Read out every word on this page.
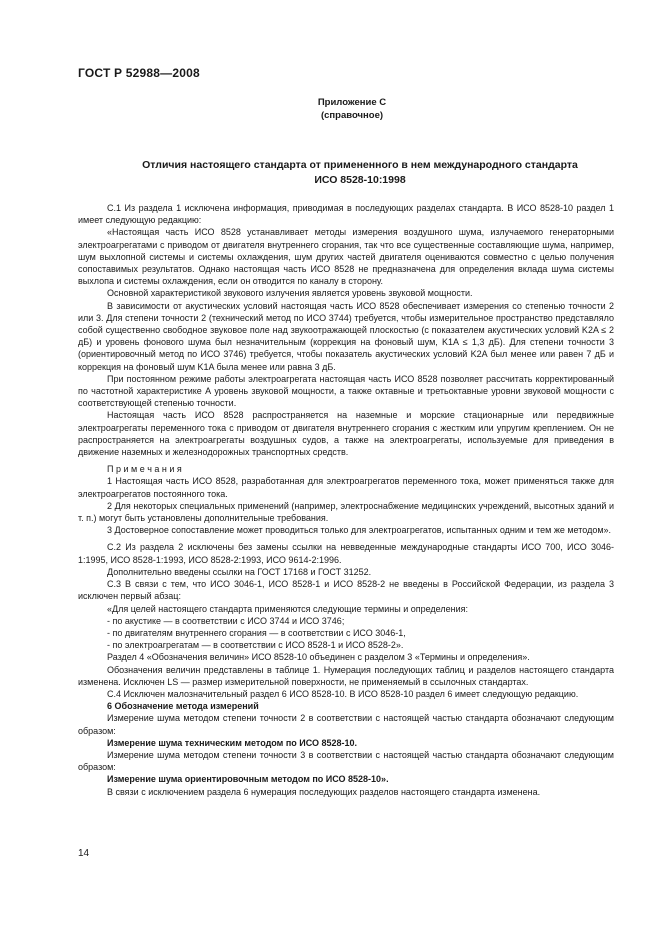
ГОСТ Р 52988—2008
Приложение С
(справочное)
Отличия настоящего стандарта от примененного в нем международного стандарта
ИСО 8528-10:1998

С.1 Из раздела 1 исключена информация, приводимая в последующих разделах стандарта. В ИСО 8528-10 раздел 1 имеет следующую редакцию:

«Настоящая часть ИСО 8528 устанавливает методы измерения воздушного шума, излучаемого генераторными электроагрегатами с приводом от двигателя внутреннего сгорания, так что все существенные составляющие шума, например, шум выхлопной системы и системы охлаждения, шум других частей двигателя оцениваются совместно с целью получения сопоставимых результатов. Однако настоящая часть ИСО 8528 не предназначена для определения вклада шума системы выхлопа и системы охлаждения, если он отводится по каналу в сторону.

Основной характеристикой звукового излучения является уровень звуковой мощности.

В зависимости от акустических условий настоящая часть ИСО 8528 обеспечивает измерения со степенью точности 2 или 3. Для степени точности 2 (технический метод по ИСО 3744) требуется, чтобы измерительное пространство представляло собой существенно свободное звуковое поле над звукоотражающей плоскостью (с показателем акустических условий K2A ≤ 2 дБ) и уровень фонового шума был незначительным (коррекция на фоновый шум, K1A ≤ 1,3 дБ). Для степени точности 3 (ориентировочный метод по ИСО 3746) требуется, чтобы показатель акустических условий K2A был менее или равен 7 дБ и коррекция на фоновый шум K1A была менее или равна 3 дБ.

При постоянном режиме работы электроагрегата настоящая часть ИСО 8528 позволяет рассчитать корректированный по частотной характеристике А уровень звуковой мощности, а также октавные и третьоктавные уровни звуковой мощности с соответствующей степенью точности.

Настоящая часть ИСО 8528 распространяется на наземные и морские стационарные или передвижные электроагрегаты переменного тока с приводом от двигателя внутреннего сгорания с жестким или упругим креплением. Он не распространяется на электроагрегаты воздушных судов, а также на электроагрегаты, используемые для приведения в движение наземных и железнодорожных транспортных средств.

П р и м е ч а н и я

1 Настоящая часть ИСО 8528, разработанная для электроагрегатов переменного тока, может применяться также для электроагрегатов постоянного тока.

2 Для некоторых специальных применений (например, электроснабжение медицинских учреждений, высотных зданий и т. п.) могут быть установлены дополнительные требования.

3 Достоверное сопоставление может проводиться только для электроагрегатов, испытанных одним и тем же методом».

С.2 Из раздела 2 исключены без замены ссылки на невведенные международные стандарты ИСО 700, ИСО 3046-1:1995, ИСО 8528-1:1993, ИСО 8528-2:1993, ИСО 9614-2:1996.

Дополнительно введены ссылки на ГОСТ 17168 и ГОСТ 31252.

С.3 В связи с тем, что ИСО 3046-1, ИСО 8528-1 и ИСО 8528-2 не введены в Российской Федерации, из раздела 3 исключен первый абзац:

«Для целей настоящего стандарта применяются следующие термины и определения:

- по акустике — в соответствии с ИСО 3744 и ИСО 3746;

- по двигателям внутреннего сгорания — в соответствии с ИСО 3046-1,

- по электроагрегатам — в соответствии с ИСО 8528-1 и ИСО 8528-2».

Раздел 4 «Обозначения величин» ИСО 8528-10 объединен с разделом 3 «Термины и определения».

Обозначения величин представлены в таблице 1. Нумерация последующих таблиц и разделов настоящего стандарта изменена. Исключен LS — размер измерительной поверхности, не применяемый в ссылочных стандартах.

С.4 Исключен малозначительный раздел 6 ИСО 8528-10. В ИСО 8528-10 раздел 6 имеет следующую редакцию.

6 Обозначение метода измерений

Измерение шума методом степени точности 2 в соответствии с настоящей частью стандарта обозначают следующим образом:

Измерение шума техническим методом по ИСО 8528-10.

Измерение шума методом степени точности 3 в соответствии с настоящей частью стандарта обозначают следующим образом:

Измерение шума ориентировочным методом по ИСО 8528-10».

В связи с исключением раздела 6 нумерация последующих разделов настоящего стандарта изменена.

14
